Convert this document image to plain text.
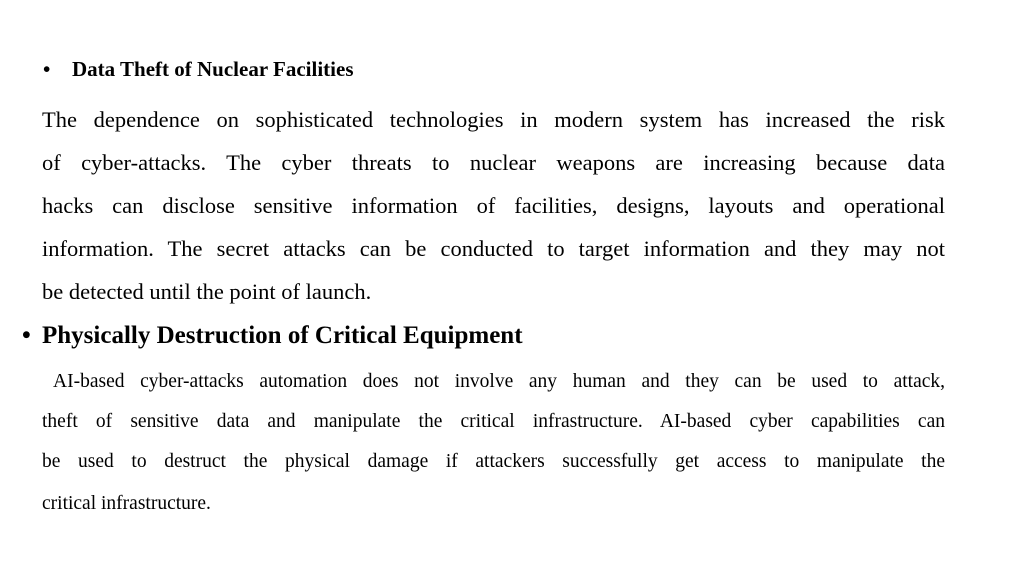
• Data Theft of Nuclear Facilities
The dependence on sophisticated technologies in modern system has increased the risk
of cyber-attacks. The cyber threats to nuclear weapons are increasing because data
hacks can disclose sensitive information of facilities, designs, layouts and operational
information. The secret attacks can be conducted to target information and they may not
be detected until the point of launch.
• Physically Destruction of Critical Equipment
AI-based cyber-attacks automation does not involve any human and they can be used to attack,
theft of sensitive data and manipulate the critical infrastructure. AI-based cyber capabilities can
be used to destruct the physical damage if attackers successfully get access to manipulate the
critical infrastructure.
